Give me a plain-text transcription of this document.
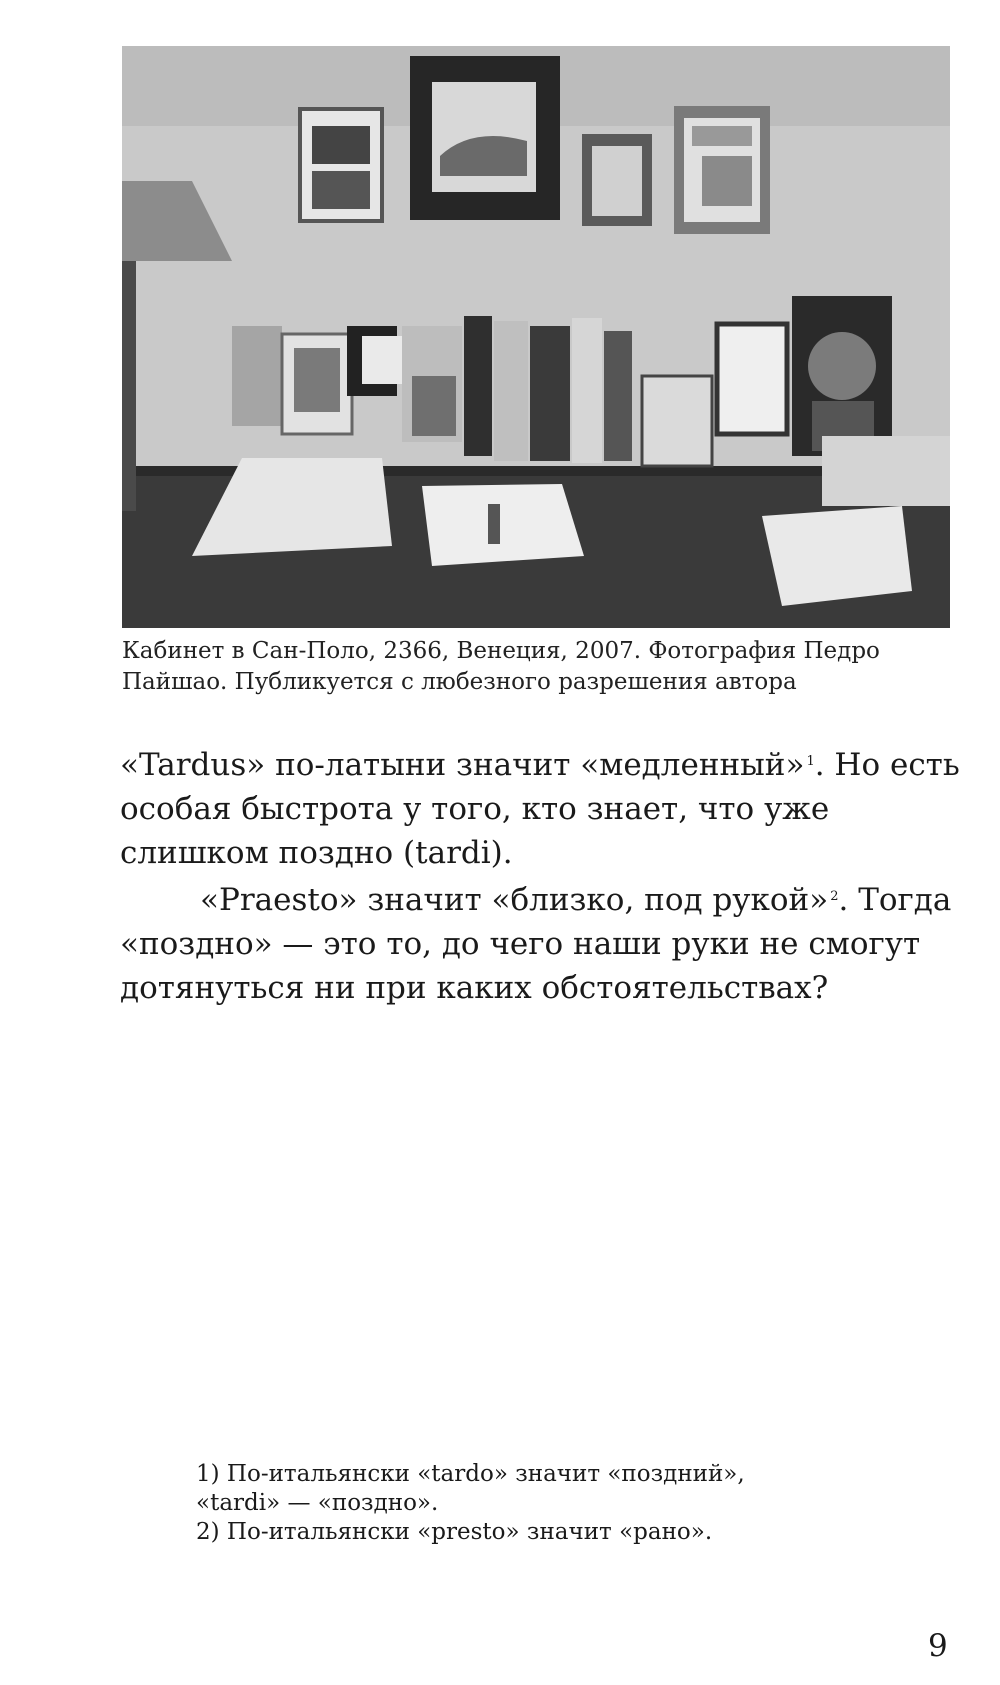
Кабинет в Сан-Поло, 2366, Венеция, 2007. Фотография Педро
Пайшао. Публикуется с любезного разрешения автора

«Tardus» по-латыни значит «медленный» $^1$. Но есть особая быстрота у того, кто знает, что уже слишком поздно (tardi).

«Praesto» значит «близко, под рукой» $^2$. Тогда «поздно» — это то, до чего наши руки не смогут дотянуться ни при каких обстоятельствах?

1) По-итальянски «tardo» значит «поздний»,

«tardi» — «поздно».

2) По-итальянски «presto» значит «рано».

9
